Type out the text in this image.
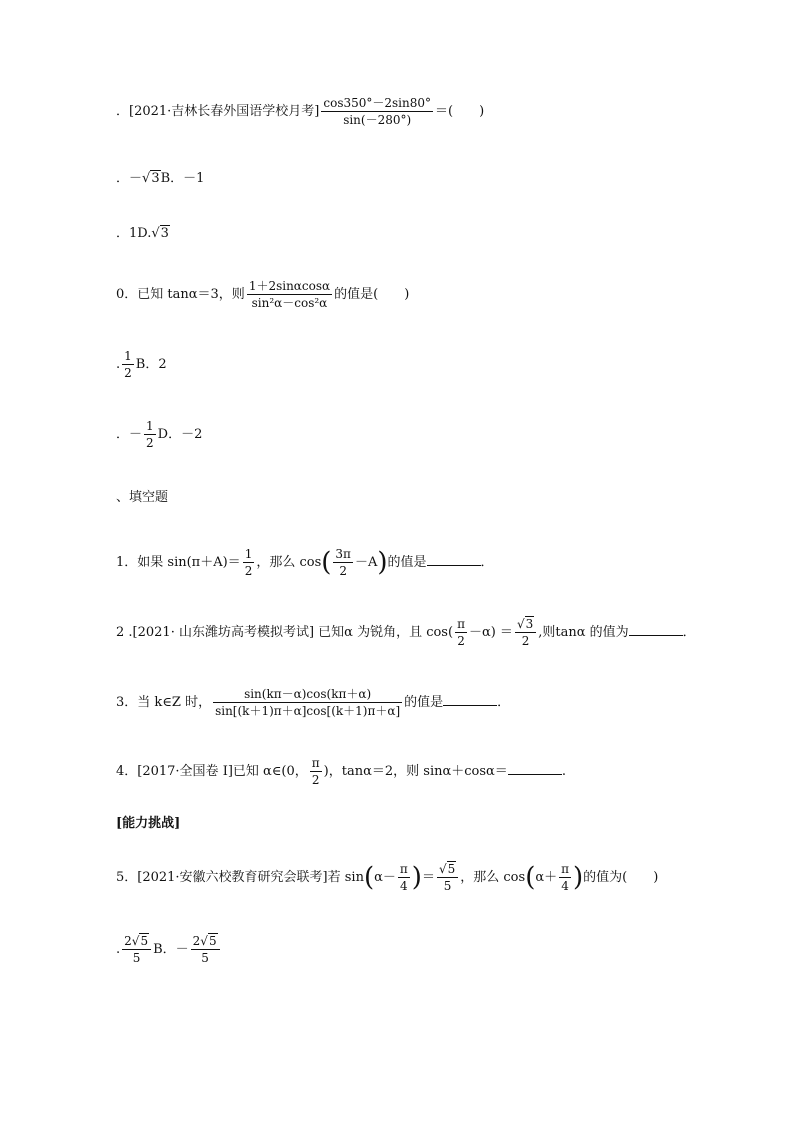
．[2021·吉林长春外国语学校月考] $\frac{\cos 350^\circ-2\sin 80^\circ}{\sin(-280^\circ)}$ ＝(　　)
．－√3B．－1
．1D.√3
0．已知 tanα＝3，则 $\frac{1+2\sin\alpha\cos\alpha}{\text{sin²α－cos²α}}$ 的值是(　　)
. $\frac{1}{2}$ B．2
．－ $\frac{1}{2}$ D．－2
、填空题
1．如果 $\sin(\pi+A)= \frac{1}{2}$ ，那么 $\cos( \frac{3\pi}{2} -A)$的值是	．
2 .[2021· 山东潍坊高考模拟考试] 已知α 为锐角，且 $\cos( \frac{\pi}{2} -\alpha) = \frac{√3}{2}$ ,则tanα 的值为	．
3．当 k∈Z 时， $\frac{\sin(k\pi-\alpha)\cos(k\pi+\alpha)}{\sin[(k+1)\pi+\alpha]\cos[(k+1)\pi+\alpha]}$ 的值是	．
4．[2017·全国卷 Ⅰ]已知 α∈(0， $\frac{\pi}{2}$ )，tanα＝2，则 sinα＋cosα＝	.
[能力挑战]
5．[2021·安徽六校教育研究会联考]若 $\sin(\alpha- \frac{\pi}{4}$ )＝ $\frac{√5}{5}$ ，那么 $\cos(\alpha+ \frac{\pi}{4}$ )的值为(　　)
. $\frac{2√5}{5}$ B．－ $\frac{2√5}{5}$
